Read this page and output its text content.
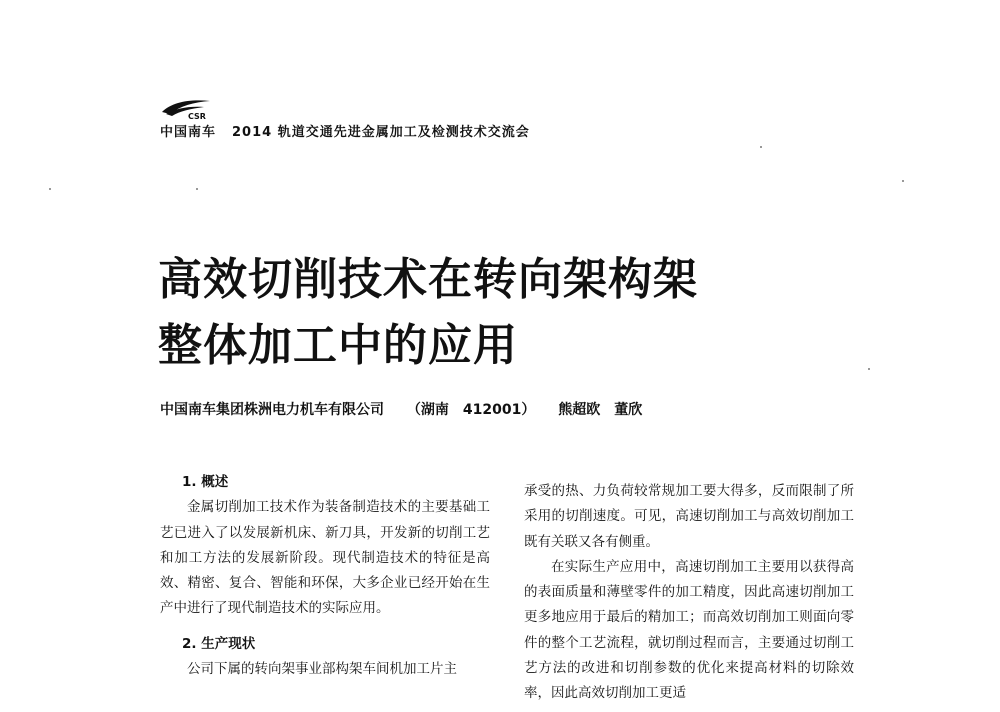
CSR
中国南车 2014 轨道交通先进金属加工及检测技术交流会
高效切削技术在转向架构架
整体加工中的应用
中国南车集团株洲电力机车有限公司 （湖南　412001） 熊超欧　董欣

1. 概述

金属切削加工技术作为装备制造技术的主要基础工艺已进入了以发展新机床、新刀具，开发新的切削工艺和加工方法的发展新阶段。现代制造技术的特征是高效、精密、复合、智能和环保，大多企业已经开始在生产中进行了现代制造技术的实际应用。

2. 生产现状

公司下属的转向架事业部构架车间机加工片主

承受的热、力负荷较常规加工要大得多，反而限制了所采用的切削速度。可见，高速切削加工与高效切削加工既有关联又各有侧重。

在实际生产应用中，高速切削加工主要用以获得高的表面质量和薄壁零件的加工精度，因此高速切削加工更多地应用于最后的精加工；而高效切削加工则面向零件的整个工艺流程，就切削过程而言，主要通过切削工艺方法的改进和切削参数的优化来提高材料的切除效率，因此高效切削加工更适
